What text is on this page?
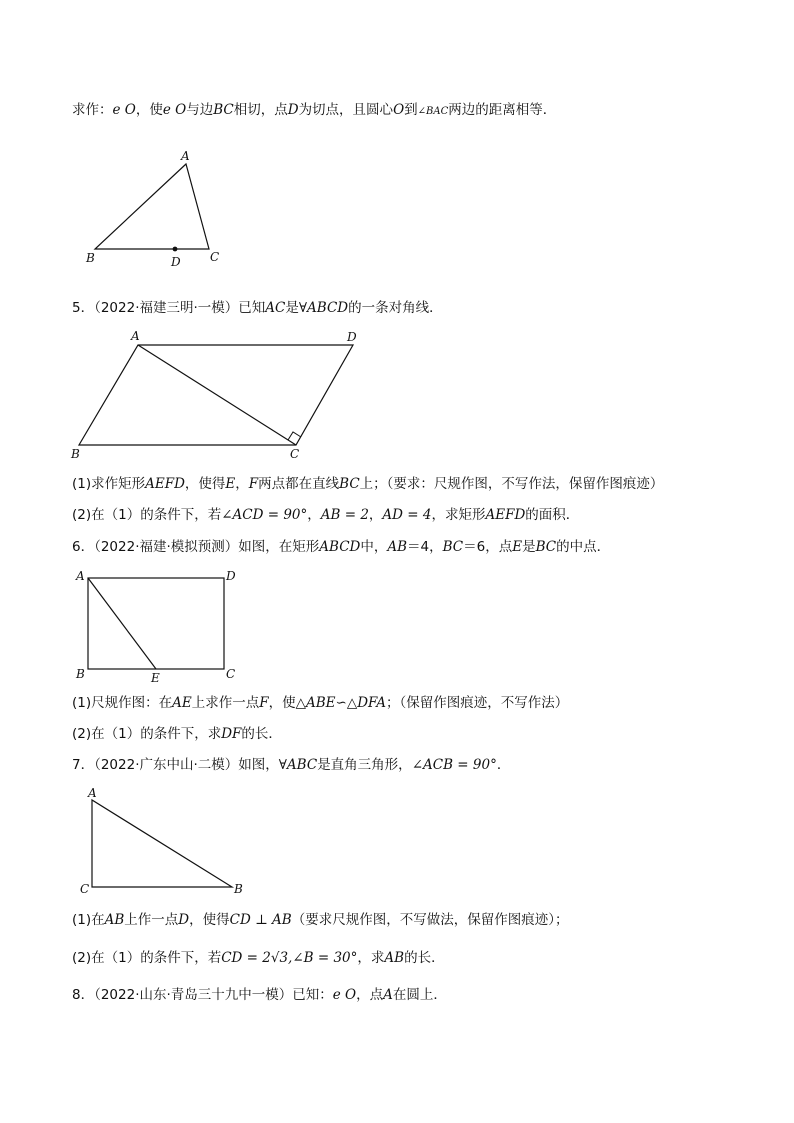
求作：e O，使e O与边BC相切，点D为切点，且圆心O到∠BAC两边的距离相等．
A
B	C
D
A	D
B	C
A	D
B	E	C
A
C	B
5．（2022·福建三明·一模）已知AC是∀ABCD的一条对角线．
(1)求作矩形AEFD，使得E，F两点都在直线BC上；（要求：尺规作图，不写作法，保留作图痕迹）
(2)在（1）的条件下，若∠ACD = 90°，AB = 2，AD = 4，求矩形AEFD的面积．
6．（2022·福建·模拟预测）如图，在矩形ABCD中，AB＝4，BC＝6，点E是BC的中点．
(1)尺规作图：在AE上求作一点F，使△ABE∽△DFA；（保留作图痕迹，不写作法）
(2)在（1）的条件下，求DF的长．
7．（2022·广东中山·二模）如图，∀ABC是直角三角形，∠ACB = 90°．
(1)在AB上作一点D，使得CD ⊥ AB（要求尺规作图，不写做法，保留作图痕迹）；
(2)在（1）的条件下，若CD = 2√3,∠B = 30°，求AB的长．
8．（2022·山东·青岛三十九中一模）已知：e O，点A在圆上．
